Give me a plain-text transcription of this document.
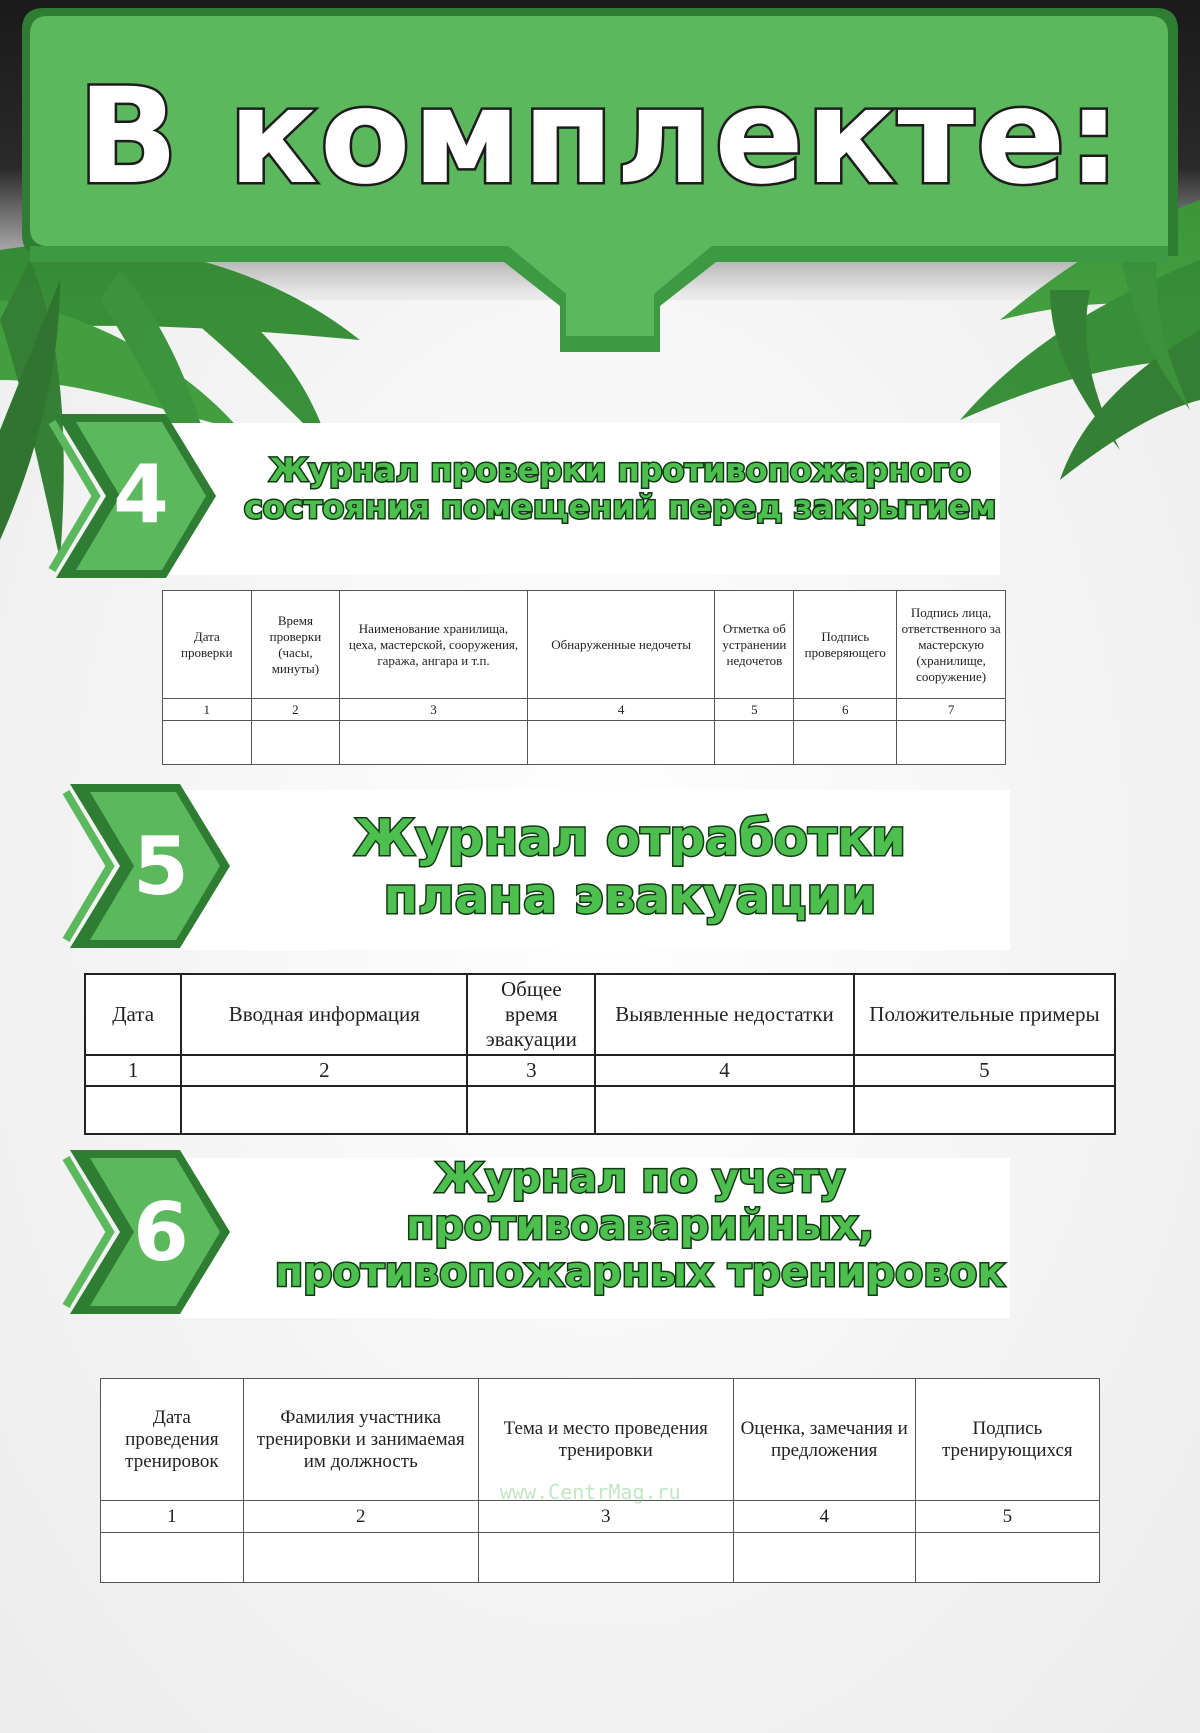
В комплекте:
4	Журнал проверки противопожарного
состояния помещений перед закрытием
Дата проверки	Время проверки (часы, минуты)	Наименование хранилища, цеха, мастерской, сооружения, гаража, ангара и т.п.	Обнаруженные недочеты	Отметка об устранении недочетов	Подпись проверяющего	Подпись лица, ответственного за мастерскую (хранилище, сооружение)
1	2	3	4	5	6	7

5	Журнал отработки
плана эвакуации
Дата	Вводная информация	Общее время эвакуации	Выявленные недостатки	Положительные примеры
1	2	3	4	5

6
Журнал по учету
противоаварийных,
противопожарных тренировок
Дата проведения тренировок	Фамилия участника тренировки и занимаемая им должность	Тема и место проведения тренировки	Оценка, замечания и предложения	Подпись тренирующихся
1	2	3	4	5

www.CentrMag.ru
